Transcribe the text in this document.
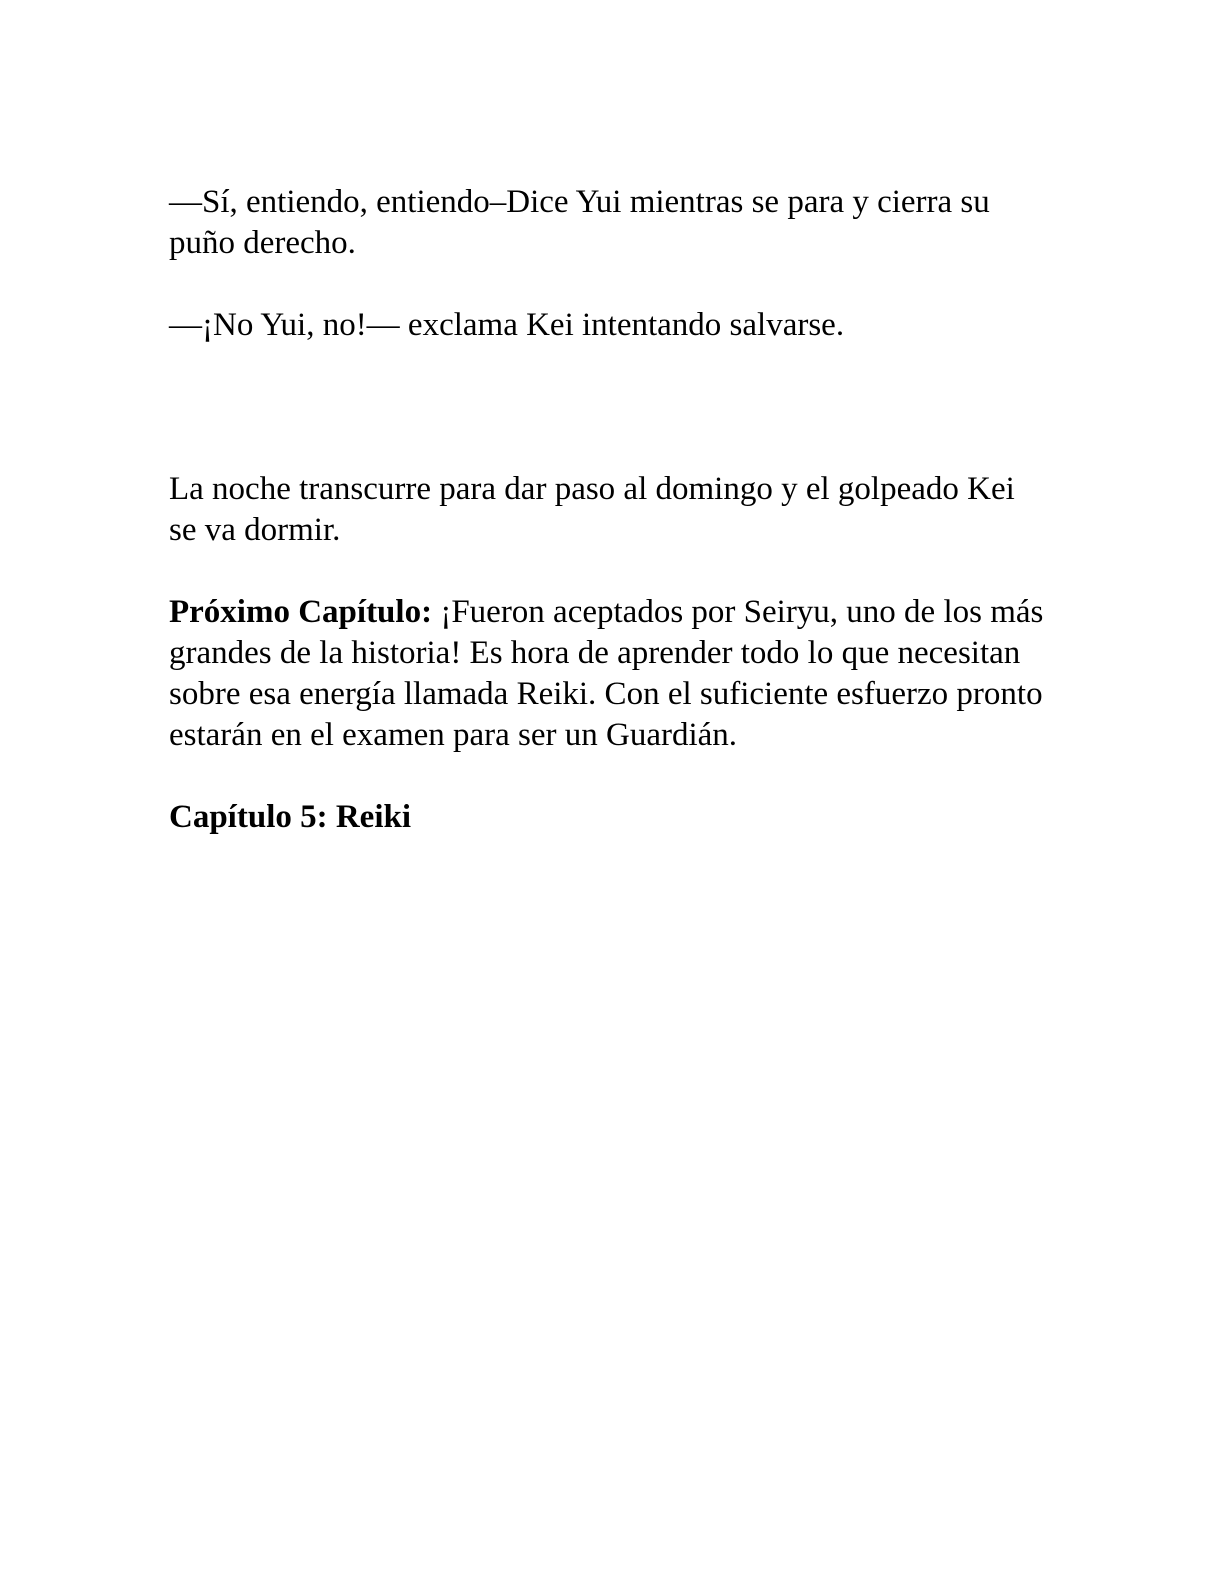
—Sí, entiendo, entiendo–Dice Yui mientras se para y cierra su puño derecho.

—¡No Yui, no!— exclama Kei intentando salvarse.

La noche transcurre para dar paso al domingo y el golpeado Kei se va dormir.

Próximo Capítulo: ¡Fueron aceptados por Seiryu, uno de los más grandes de la historia! Es hora de aprender todo lo que necesitan sobre esa energía llamada Reiki. Con el suficiente esfuerzo pronto estarán en el examen para ser un Guardián.

Capítulo 5: Reiki
